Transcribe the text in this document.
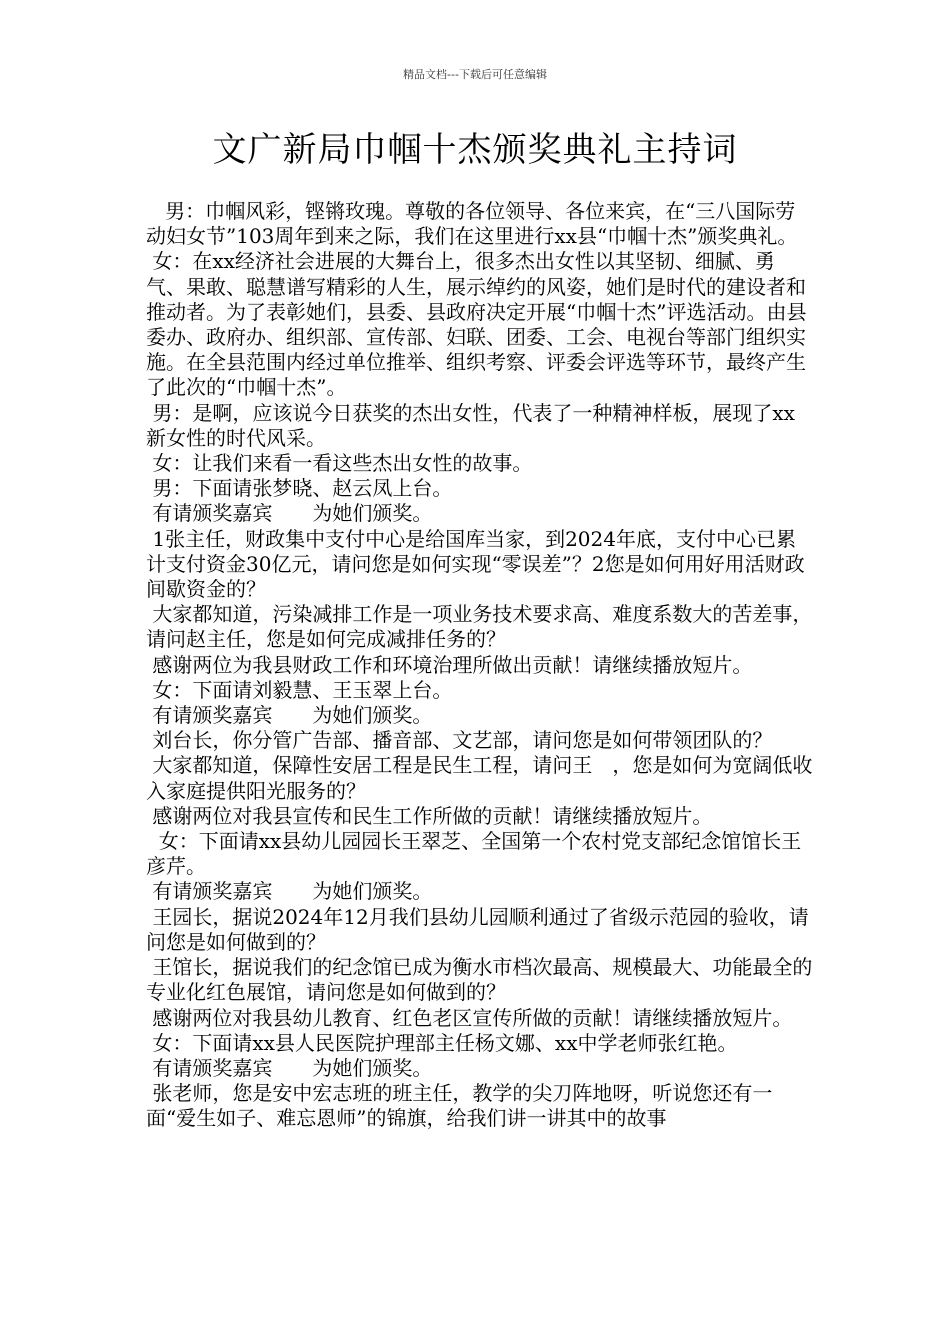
精品文档---下载后可任意编辑
文广新局巾帼十杰颁奖典礼主持词

男：巾帼风彩，铿锵玫瑰。尊敬的各位领导、各位来宾，在“三八国际劳动妇女节”103周年到来之际，我们在这里进行xx县“巾帼十杰”颁奖典礼。

女：在xx经济社会进展的大舞台上，很多杰出女性以其坚韧、细腻、勇气、果敢、聪慧谱写精彩的人生，展示绰约的风姿，她们是时代的建设者和推动者。为了表彰她们，县委、县政府决定开展“巾帼十杰”评选活动。由县委办、政府办、组织部、宣传部、妇联、团委、工会、电视台等部门组织实施。在全县范围内经过单位推举、组织考察、评委会评选等环节，最终产生了此次的“巾帼十杰”。

男：是啊，应该说今日获奖的杰出女性，代表了一种精神样板，展现了xx新女性的时代风采。

女：让我们来看一看这些杰出女性的故事。

男：下面请张梦晓、赵云凤上台。

有请颁奖嘉宾　　为她们颁奖。

1张主任，财政集中支付中心是给国库当家，到2024年底，支付中心已累计支付资金30亿元，请问您是如何实现“零误差”？2您是如何用好用活财政间歇资金的？

大家都知道，污染减排工作是一项业务技术要求高、难度系数大的苦差事，请问赵主任，您是如何完成减排任务的？

感谢两位为我县财政工作和环境治理所做出贡献！请继续播放短片。

女：下面请刘毅慧、王玉翠上台。

有请颁奖嘉宾　　为她们颁奖。

刘台长，你分管广告部、播音部、文艺部，请问您是如何带领团队的？

大家都知道，保障性安居工程是民生工程，请问王　，您是如何为宽阔低收入家庭提供阳光服务的？

感谢两位对我县宣传和民生工作所做的贡献！请继续播放短片。

女：下面请xx县幼儿园园长王翠芝、全国第一个农村党支部纪念馆馆长王彦芹。

有请颁奖嘉宾　　为她们颁奖。

王园长，据说2024年12月我们县幼儿园顺利通过了省级示范园的验收，请问您是如何做到的？

王馆长，据说我们的纪念馆已成为衡水市档次最高、规模最大、功能最全的专业化红色展馆，请问您是如何做到的？

感谢两位对我县幼儿教育、红色老区宣传所做的贡献！请继续播放短片。

女：下面请xx县人民医院护理部主任杨文娜、xx中学老师张红艳。

有请颁奖嘉宾　　为她们颁奖。

张老师，您是安中宏志班的班主任，教学的尖刀阵地呀，听说您还有一面“爱生如子、难忘恩师”的锦旗，给我们讲一讲其中的故事
